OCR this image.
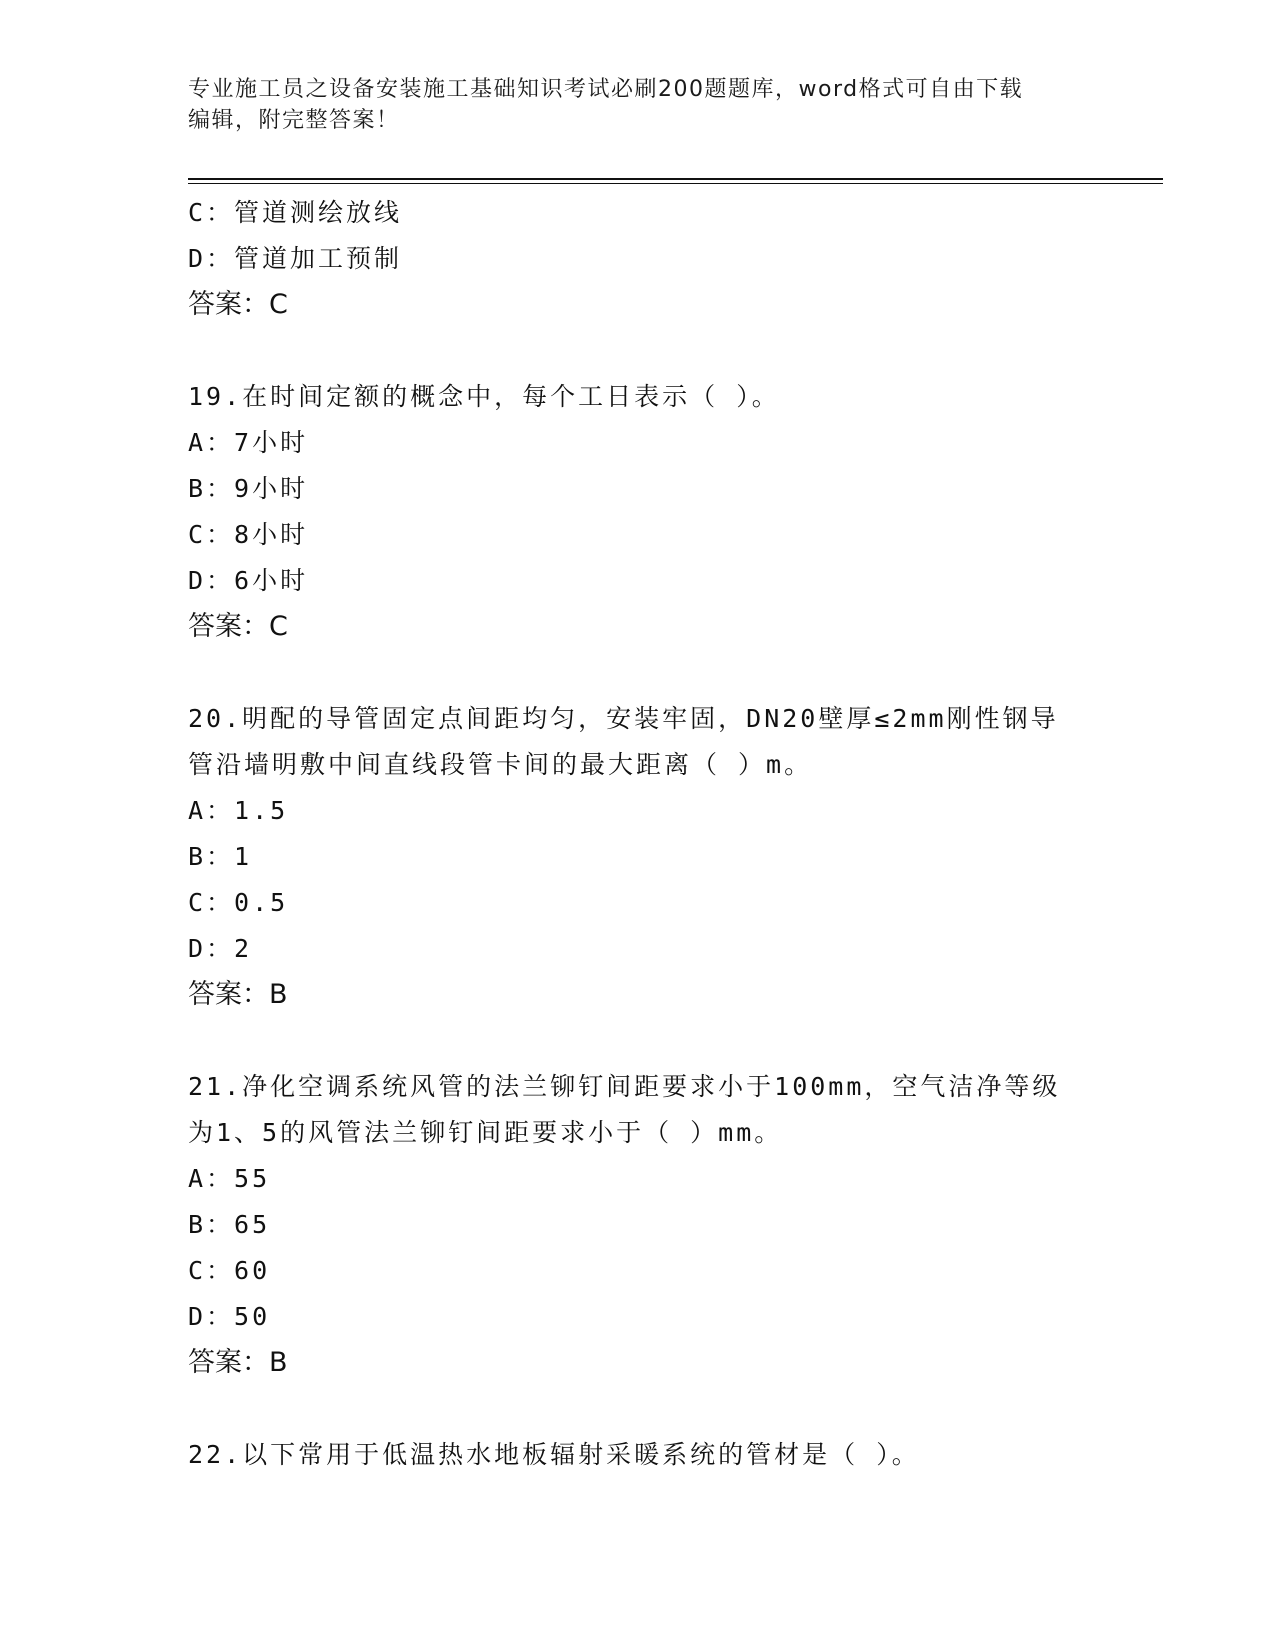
专业施工员之设备安装施工基础知识考试必刷200题题库，word格式可自由下载
编辑，附完整答案！
C：管道测绘放线
D：管道加工预制
答案：C
19.在时间定额的概念中，每个工日表示（ ）。
A：7小时
B：9小时
C：8小时
D：6小时
答案：C
20.明配的导管固定点间距均匀，安装牢固，DN20壁厚≤2mm刚性钢导
管沿墙明敷中间直线段管卡间的最大距离（ ）m。
A：1.5
B：1
C：0.5
D：2
答案：B
21.净化空调系统风管的法兰铆钉间距要求小于100mm，空气洁净等级
为1、5的风管法兰铆钉间距要求小于（ ）mm。
A：55
B：65
C：60
D：50
答案：B
22.以下常用于低温热水地板辐射采暖系统的管材是（ ）。
